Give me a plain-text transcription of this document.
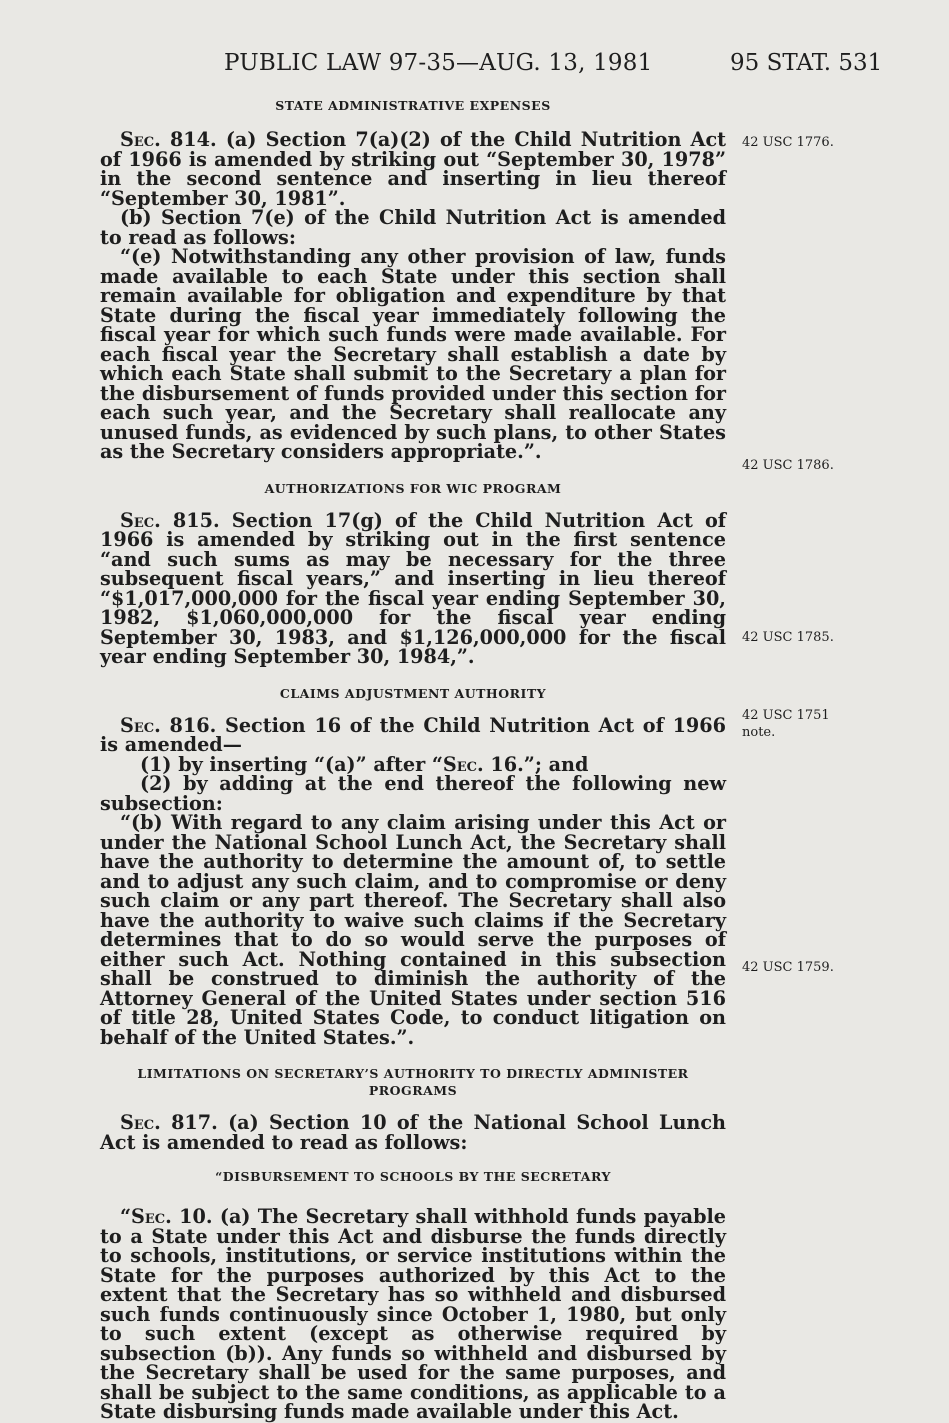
PUBLIC LAW 97-35—AUG. 13, 1981	95 STAT. 531
42 USC 1776.
42 USC 1786.
42 USC 1785.
42 USC 1751
note.
42 USC 1759.

STATE ADMINISTRATIVE EXPENSES

Sec. 814. (a) Section 7(a)(2) of the Child Nutrition Act of 1966 is amended by striking out “September 30, 1978” in the second sentence and inserting in lieu thereof “September 30, 1981”.

(b) Section 7(e) of the Child Nutrition Act is amended to read as follows:

“(e) Notwithstanding any other provision of law, funds made available to each State under this section shall remain available for obligation and expenditure by that State during the fiscal year immediately following the fiscal year for which such funds were made available. For each fiscal year the Secretary shall establish a date by which each State shall submit to the Secretary a plan for the disbursement of funds provided under this section for each such year, and the Secretary shall reallocate any unused funds, as evidenced by such plans, to other States as the Secretary considers appropriate.”.

AUTHORIZATIONS FOR WIC PROGRAM

Sec. 815. Section 17(g) of the Child Nutrition Act of 1966 is amended by striking out in the first sentence “and such sums as may be necessary for the three subsequent fiscal years,” and inserting in lieu thereof “$1,017,000,000 for the fiscal year ending September 30, 1982, $1,060,000,000 for the fiscal year ending September 30, 1983, and $1,126,000,000 for the fiscal year ending September 30, 1984,”.

CLAIMS ADJUSTMENT AUTHORITY

Sec. 816. Section 16 of the Child Nutrition Act of 1966 is amended—

(1) by inserting “(a)” after “Sec. 16.”; and

(2) by adding at the end thereof the following new subsection:

“(b) With regard to any claim arising under this Act or under the National School Lunch Act, the Secretary shall have the authority to determine the amount of, to settle and to adjust any such claim, and to compromise or deny such claim or any part thereof. The Secretary shall also have the authority to waive such claims if the Secretary determines that to do so would serve the purposes of either such Act. Nothing contained in this subsection shall be construed to diminish the authority of the Attorney General of the United States under section 516 of title 28, United States Code, to conduct litigation on behalf of the United States.”.

LIMITATIONS ON SECRETARY’S AUTHORITY TO DIRECTLY ADMINISTER
PROGRAMS

Sec. 817. (a) Section 10 of the National School Lunch Act is amended to read as follows:

“DISBURSEMENT TO SCHOOLS BY THE SECRETARY

“Sec. 10. (a) The Secretary shall withhold funds payable to a State under this Act and disburse the funds directly to schools, institutions, or service institutions within the State for the purposes authorized by this Act to the extent that the Secretary has so withheld and disbursed such funds continuously since October 1, 1980, but only to such extent (except as otherwise required by subsection (b)). Any funds so withheld and disbursed by the Secretary shall be used for the same purposes, and shall be subject to the same conditions, as applicable to a State disbursing funds made available under this Act.
